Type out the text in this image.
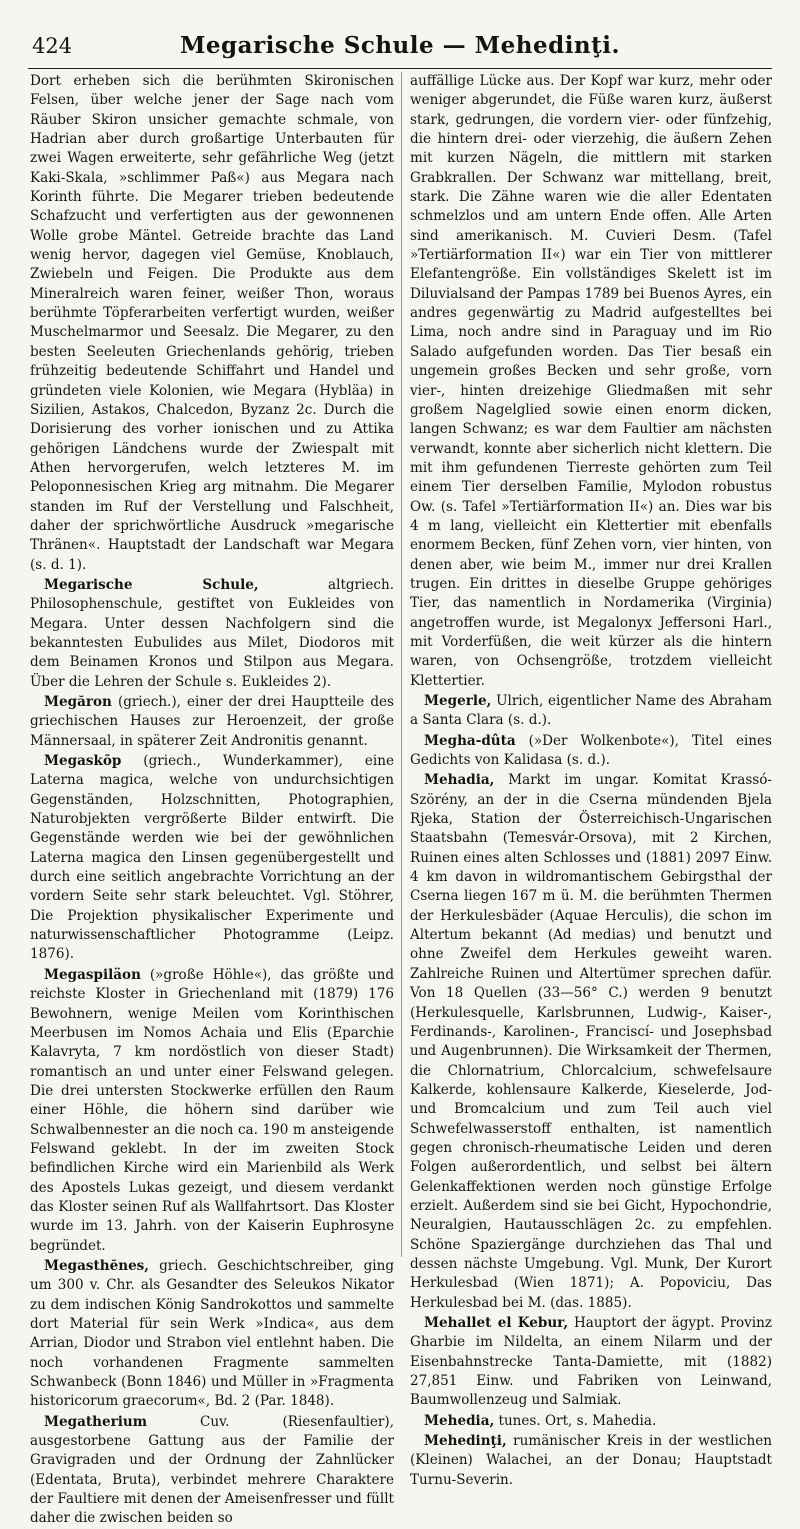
424	Megarische Schule — Mehedinţi.

Dort erheben sich die berühmten Skironischen Felsen, über welche jener der Sage nach vom Räuber Skiron unsicher gemachte schmale, von Hadrian aber durch großartige Unterbauten für zwei Wagen erweiterte, sehr gefährliche Weg (jetzt Kaki-Skala, »schlimmer Paß«) aus Megara nach Korinth führte. Die Megarer trieben bedeutende Schafzucht und verfertigten aus der gewonnenen Wolle grobe Mäntel. Getreide brachte das Land wenig hervor, dagegen viel Gemüse, Knoblauch, Zwiebeln und Feigen. Die Produkte aus dem Mineralreich waren feiner, weißer Thon, woraus berühmte Töpferarbeiten verfertigt wurden, weißer Muschelmarmor und Seesalz. Die Megarer, zu den besten Seeleuten Griechenlands gehörig, trieben frühzeitig bedeutende Schiffahrt und Handel und gründeten viele Kolonien, wie Megara (Hybläa) in Sizilien, Astakos, Chalcedon, Byzanz 2c. Durch die Dorisierung des vorher ionischen und zu Attika gehörigen Ländchens wurde der Zwiespalt mit Athen hervorgerufen, welch letzteres M. im Peloponnesischen Krieg arg mitnahm. Die Megarer standen im Ruf der Verstellung und Falschheit, daher der sprichwörtliche Ausdruck »megarische Thränen«. Hauptstadt der Landschaft war Megara (s. d. 1).

Megarische Schule, altgriech. Philosophenschule, gestiftet von Eukleides von Megara. Unter dessen Nachfolgern sind die bekanntesten Eubulides aus Milet, Diodoros mit dem Beinamen Kronos und Stilpon aus Megara. Über die Lehren der Schule s. Eukleides 2).

Megăron (griech.), einer der drei Hauptteile des griechischen Hauses zur Heroenzeit, der große Männersaal, in späterer Zeit Andronitis genannt.

Megaskōp (griech., Wunderkammer), eine Laterna magica, welche von undurchsichtigen Gegenständen, Holzschnitten, Photographien, Naturobjekten vergrößerte Bilder entwirft. Die Gegenstände werden wie bei der gewöhnlichen Laterna magica den Linsen gegenübergestellt und durch eine seitlich angebrachte Vorrichtung an der vordern Seite sehr stark beleuchtet. Vgl. Stöhrer, Die Projektion physikalischer Experimente und naturwissenschaftlicher Photogramme (Leipz. 1876).

Megaspiläon (»große Höhle«), das größte und reichste Kloster in Griechenland mit (1879) 176 Bewohnern, wenige Meilen vom Korinthischen Meerbusen im Nomos Achaia und Elis (Eparchie Kalavryta, 7 km nordöstlich von dieser Stadt) romantisch an und unter einer Felswand gelegen. Die drei untersten Stockwerke erfüllen den Raum einer Höhle, die höhern sind darüber wie Schwalbennester an die noch ca. 190 m ansteigende Felswand geklebt. In der im zweiten Stock befindlichen Kirche wird ein Marienbild als Werk des Apostels Lukas gezeigt, und diesem verdankt das Kloster seinen Ruf als Wallfahrtsort. Das Kloster wurde im 13. Jahrh. von der Kaiserin Euphrosyne begründet.

Megasthĕnes, griech. Geschichtschreiber, ging um 300 v. Chr. als Gesandter des Seleukos Nikator zu dem indischen König Sandrokottos und sammelte dort Material für sein Werk »Indica«, aus dem Arrian, Diodor und Strabon viel entlehnt haben. Die noch vorhandenen Fragmente sammelten Schwanbeck (Bonn 1846) und Müller in »Fragmenta historicorum graecorum«, Bd. 2 (Par. 1848).

Megatherium Cuv. (Riesenfaultier), ausgestorbene Gattung aus der Familie der Gravigraden und der Ordnung der Zahnlücker (Edentata, Bruta), verbindet mehrere Charaktere der Faultiere mit denen der Ameisenfresser und füllt daher die zwischen beiden so

auffällige Lücke aus. Der Kopf war kurz, mehr oder weniger abgerundet, die Füße waren kurz, äußerst stark, gedrungen, die vordern vier- oder fünfzehig, die hintern drei- oder vierzehig, die äußern Zehen mit kurzen Nägeln, die mittlern mit starken Grabkrallen. Der Schwanz war mittellang, breit, stark. Die Zähne waren wie die aller Edentaten schmelzlos und am untern Ende offen. Alle Arten sind amerikanisch. M. Cuvieri Desm. (Tafel »Tertiärformation II«) war ein Tier von mittlerer Elefantengröße. Ein vollständiges Skelett ist im Diluvialsand der Pampas 1789 bei Buenos Ayres, ein andres gegenwärtig zu Madrid aufgestelltes bei Lima, noch andre sind in Paraguay und im Rio Salado aufgefunden worden. Das Tier besaß ein ungemein großes Becken und sehr große, vorn vier-, hinten dreizehige Gliedmaßen mit sehr großem Nagelglied sowie einen enorm dicken, langen Schwanz; es war dem Faultier am nächsten verwandt, konnte aber sicherlich nicht klettern. Die mit ihm gefundenen Tierreste gehörten zum Teil einem Tier derselben Familie, Mylodon robustus Ow. (s. Tafel »Tertiärformation II«) an. Dies war bis 4 m lang, vielleicht ein Klettertier mit ebenfalls enormem Becken, fünf Zehen vorn, vier hinten, von denen aber, wie beim M., immer nur drei Krallen trugen. Ein drittes in dieselbe Gruppe gehöriges Tier, das namentlich in Nordamerika (Virginia) angetroffen wurde, ist Megalonyx Jeffersoni Harl., mit Vorderfüßen, die weit kürzer als die hintern waren, von Ochsengröße, trotzdem vielleicht Klettertier.

Megerle, Ulrich, eigentlicher Name des Abraham a Santa Clara (s. d.).

Megha-dûta (»Der Wolkenbote«), Titel eines Gedichts von Kalidasa (s. d.).

Mehadia, Markt im ungar. Komitat Krassó-Szörény, an der in die Cserna mündenden Bjela Rjeka, Station der Österreichisch-Ungarischen Staatsbahn (Temesvár-Orsova), mit 2 Kirchen, Ruinen eines alten Schlosses und (1881) 2097 Einw. 4 km davon in wildromantischem Gebirgsthal der Cserna liegen 167 m ü. M. die berühmten Thermen der Herkulesbäder (Aquae Herculis), die schon im Altertum bekannt (Ad medias) und benutzt und ohne Zweifel dem Herkules geweiht waren. Zahlreiche Ruinen und Altertümer sprechen dafür. Von 18 Quellen (33—56° C.) werden 9 benutzt (Herkulesquelle, Karlsbrunnen, Ludwig-, Kaiser-, Ferdinands-, Karolinen-, Franciscí- und Josephsbad und Augenbrunnen). Die Wirksamkeit der Thermen, die Chlornatrium, Chlorcalcium, schwefelsaure Kalkerde, kohlensaure Kalkerde, Kieselerde, Jod- und Bromcalcium und zum Teil auch viel Schwefelwasserstoff enthalten, ist namentlich gegen chronisch-rheumatische Leiden und deren Folgen außerordentlich, und selbst bei ältern Gelenkaffektionen werden noch günstige Erfolge erzielt. Außerdem sind sie bei Gicht, Hypochondrie, Neuralgien, Hautausschlägen 2c. zu empfehlen. Schöne Spaziergänge durchziehen das Thal und dessen nächste Umgebung. Vgl. Munk, Der Kurort Herkulesbad (Wien 1871); A. Popoviciu, Das Herkulesbad bei M. (das. 1885).

Mehallet el Kebur, Hauptort der ägypt. Provinz Gharbie im Nildelta, an einem Nilarm und der Eisenbahnstrecke Tanta-Damiette, mit (1882) 27,851 Einw. und Fabriken von Leinwand, Baumwollenzeug und Salmiak.

Mehedia, tunes. Ort, s. Mahedia.

Mehedinţi, rumänischer Kreis in der westlichen (Kleinen) Walachei, an der Donau; Hauptstadt Turnu-Severin.
